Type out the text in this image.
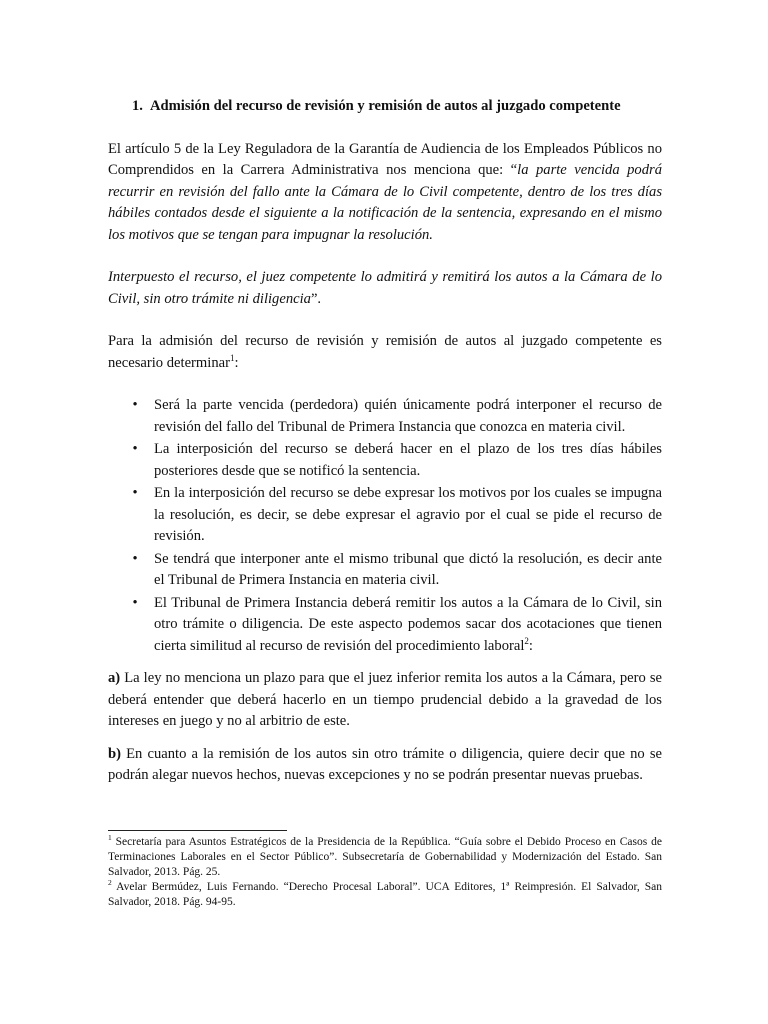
1. Admisión del recurso de revisión y remisión de autos al juzgado competente

El artículo 5 de la Ley Reguladora de la Garantía de Audiencia de los Empleados Públicos no Comprendidos en la Carrera Administrativa nos menciona que: “la parte vencida podrá recurrir en revisión del fallo ante la Cámara de lo Civil competente, dentro de los tres días hábiles contados desde el siguiente a la notificación de la sentencia, expresando en el mismo los motivos que se tengan para impugnar la resolución.

Interpuesto el recurso, el juez competente lo admitirá y remitirá los autos a la Cámara de lo Civil, sin otro trámite ni diligencia”.

Para la admisión del recurso de revisión y remisión de autos al juzgado competente es necesario determinar$^1$:

• Será la parte vencida (perdedora) quién únicamente podrá interponer el recurso de revisión del fallo del Tribunal de Primera Instancia que conozca en materia civil.
• La interposición del recurso se deberá hacer en el plazo de los tres días hábiles posteriores desde que se notificó la sentencia.
• En la interposición del recurso se debe expresar los motivos por los cuales se impugna la resolución, es decir, se debe expresar el agravio por el cual se pide el recurso de revisión.
• Se tendrá que interponer ante el mismo tribunal que dictó la resolución, es decir ante el Tribunal de Primera Instancia en materia civil.
• El Tribunal de Primera Instancia deberá remitir los autos a la Cámara de lo Civil, sin otro trámite o diligencia. De este aspecto podemos sacar dos acotaciones que tienen cierta similitud al recurso de revisión del procedimiento laboral$^2$:

a) La ley no menciona un plazo para que el juez inferior remita los autos a la Cámara, pero se deberá entender que deberá hacerlo en un tiempo prudencial debido a la gravedad de los intereses en juego y no al arbitrio de este.

b) En cuanto a la remisión de los autos sin otro trámite o diligencia, quiere decir que no se podrán alegar nuevos hechos, nuevas excepciones y no se podrán presentar nuevas pruebas.

$^1$ Secretaría para Asuntos Estratégicos de la Presidencia de la República. “Guía sobre el Debido Proceso en Casos de Terminaciones Laborales en el Sector Público”. Subsecretaría de Gobernabilidad y Modernización del Estado. San Salvador, 2013. Pág. 25.
$^2$ Avelar Bermúdez, Luis Fernando. “Derecho Procesal Laboral”. UCA Editores, 1ª Reimpresión. El Salvador, San Salvador, 2018. Pág. 94-95.
